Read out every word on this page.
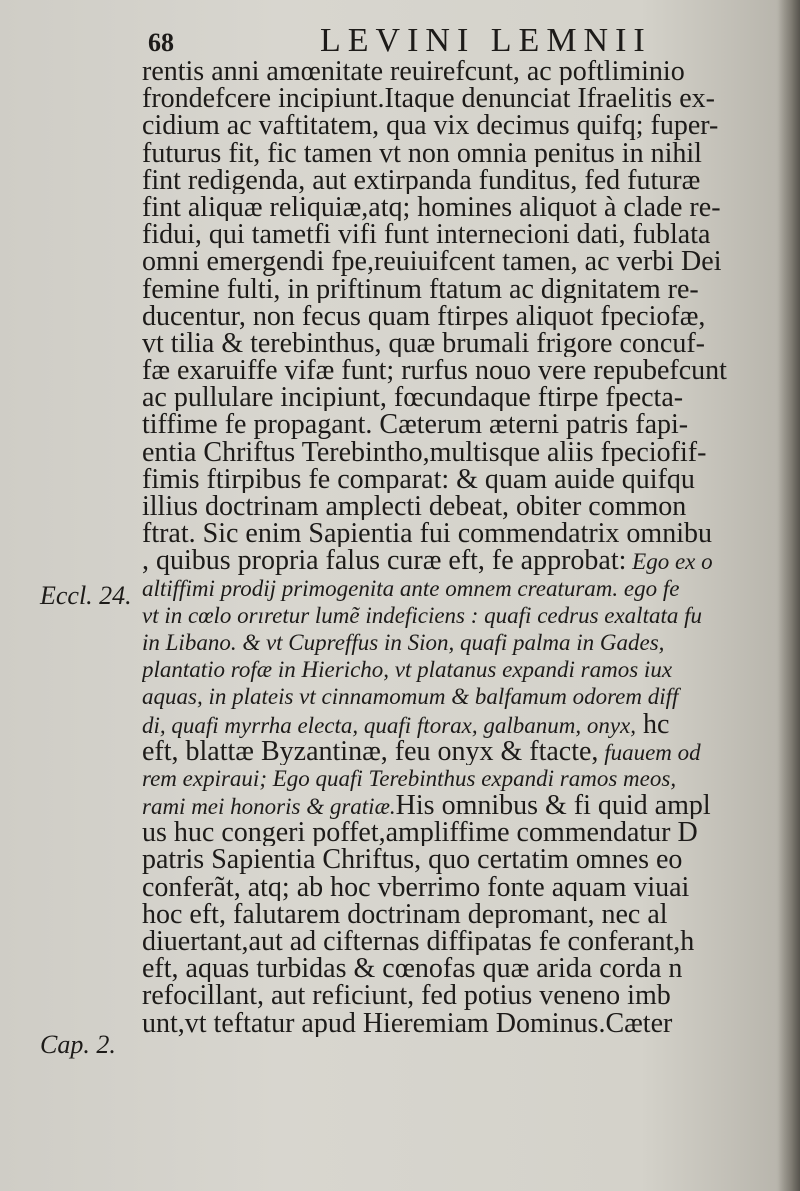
68	LEVINI LEMNII
Eccl. 24.
Cap. 2.
rentis anni amœnitate reuirefcunt, ac poftliminio
frondefcere incipiunt.Itaque denunciat Ifraelitis ex-
cidium ac vaftitatem, qua vix decimus quifq; fuper-
futurus fit, fic tamen vt non omnia penitus in nihil
fint redigenda, aut extirpanda funditus, fed futuræ
fint aliquæ reliquiæ,atq; homines aliquot à clade re-
fidui, qui tametfi vifi funt internecioni dati, fublata
omni emergendi fpe,reuiuifcent tamen, ac verbi Dei
femine fulti, in priftinum ftatum ac dignitatem re-
ducentur, non fecus quam ftirpes aliquot fpeciofæ,
vt tilia & terebinthus, quæ brumali frigore concuf-
fæ exaruiffe vifæ funt; rurfus nouo vere repubefcunt
ac pullulare incipiunt, fœcundaque ftirpe fpecta-
tiffime fe propagant. Cæterum æterni patris fapi-
entia Chriftus Terebintho,multisque aliis fpeciofif-
fimis ftirpibus fe comparat: & quam auide quifqu
illius doctrinam amplecti debeat, obiter common
ftrat. Sic enim Sapientia fui commendatrix omnibu
, quibus propria falus curæ eft, fe approbat: Ego ex o
altiffimi prodij primogenita ante omnem creaturam. ego fe
vt in cœlo orıretur lumẽ indeficiens : quafi cedrus exaltata fu
in Libano. & vt Cupreffus in Sion, quafi palma in Gades,
plantatio rofæ in Hiericho, vt platanus expandi ramos iux
aquas, in plateis vt cinnamomum & balfamum odorem diff
di, quafi myrrha electa, quafi ftorax, galbanum, onyx, hc
eft, blattæ Byzantinæ, feu onyx & ftacte, fuauem od
rem expiraui; Ego quafi Terebinthus expandi ramos meos,
rami mei honoris & gratiæ.His omnibus & fi quid ampl
us huc congeri poffet,ampliffime commendatur D
patris Sapientia Chriftus, quo certatim omnes eo
conferãt, atq; ab hoc vberrimo fonte aquam viuai
hoc eft, falutarem doctrinam depromant, nec al
diuertant,aut ad cifternas diffipatas fe conferant,h
eft, aquas turbidas & cœnofas quæ arida corda n
refocillant, aut reficiunt, fed potius veneno imb
unt,vt teftatur apud Hieremiam Dominus.Cæter
